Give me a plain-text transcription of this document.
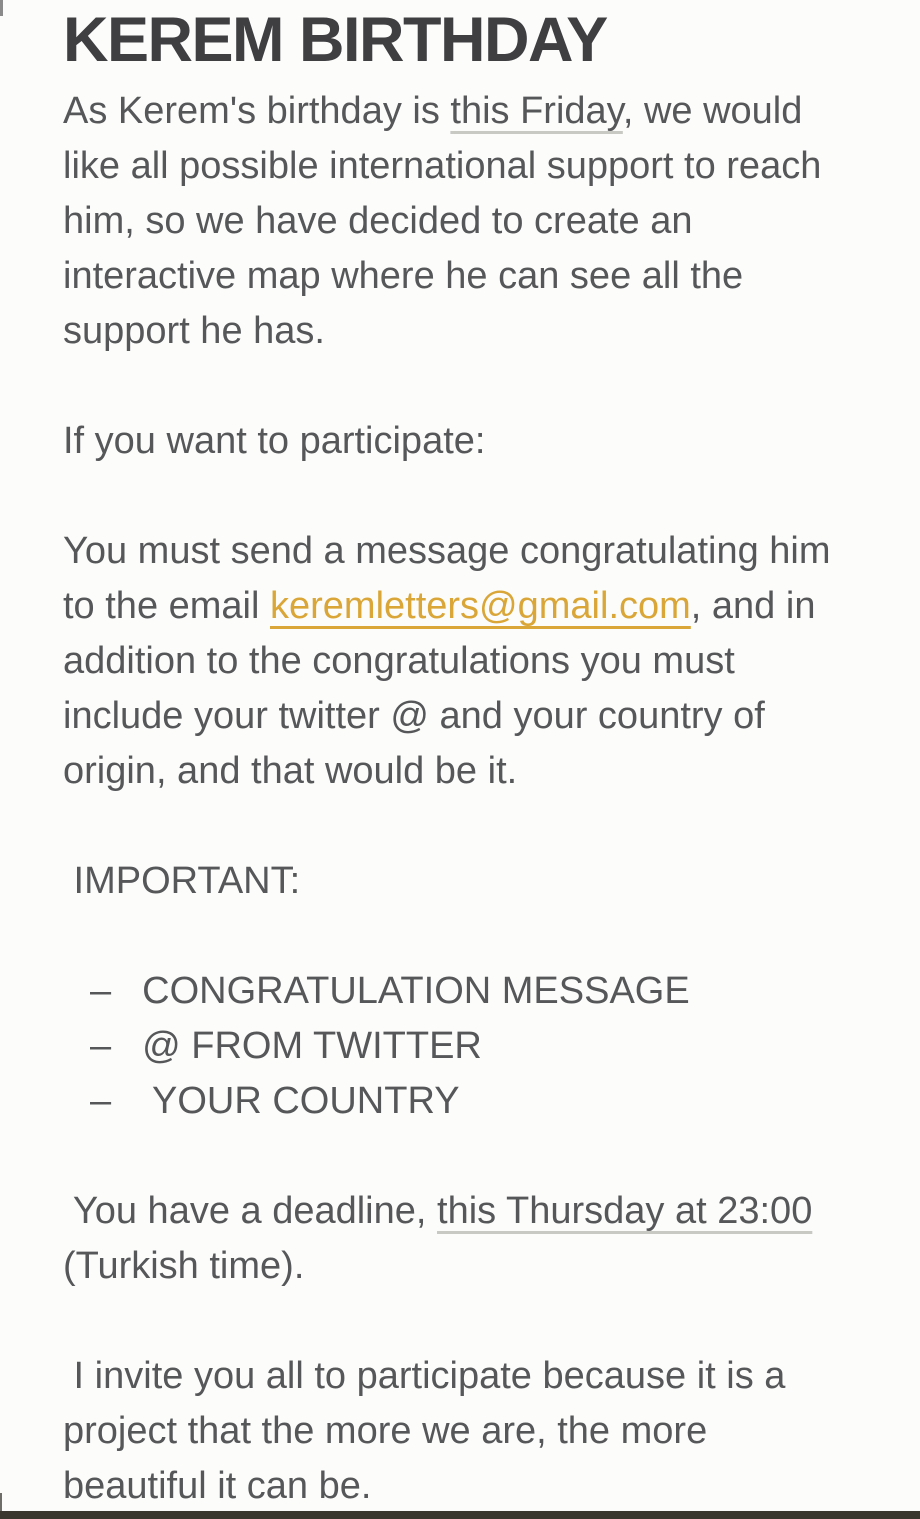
KEREM BIRTHDAY
As Kerem's birthday is this Friday, we would
like all possible international support to reach
him, so we have decided to create an
interactive map where he can see all the
support he has.
If you want to participate:
You must send a message congratulating him
to the email keremletters@gmail.com, and in
addition to the congratulations you must
include your twitter @ and your country of
origin, and that would be it.
IMPORTANT:
– CONGRATULATION MESSAGE
– @ FROM TWITTER
– YOUR COUNTRY
You have a deadline, this Thursday at 23:00
(Turkish time).
I invite you all to participate because it is a
project that the more we are, the more
beautiful it can be.
